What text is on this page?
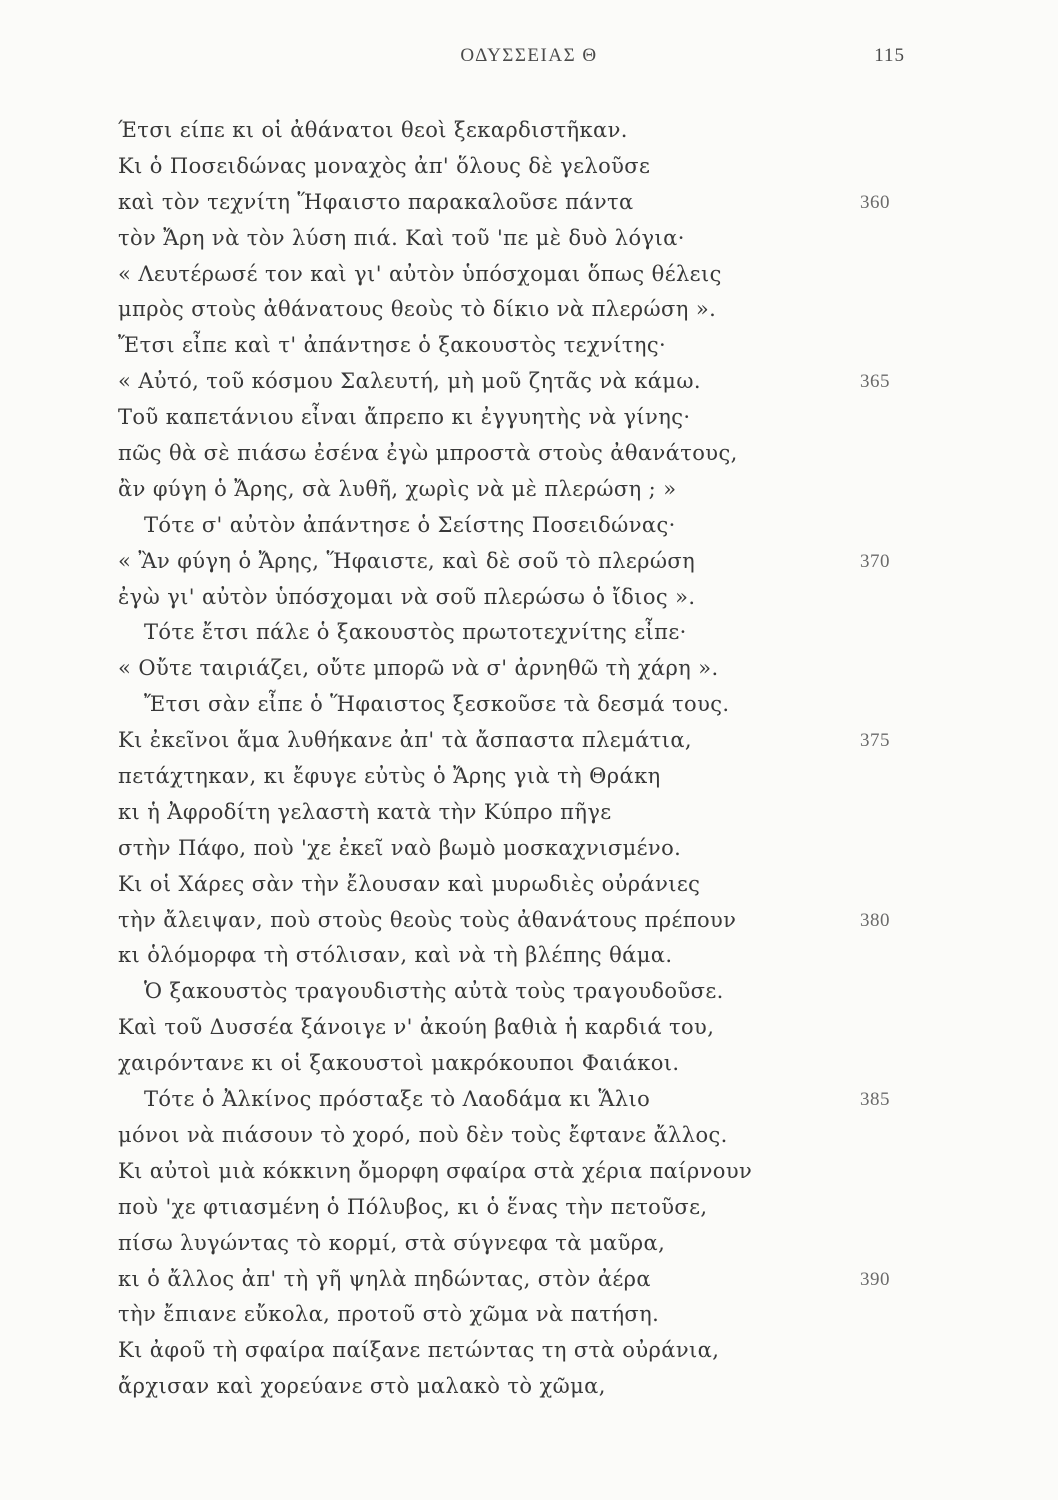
ΟΔΥΣΣΕΙΑΣ Θ	115
Έτσι είπε κι οἱ ἀθάνατοι θεοὶ ξεκαρδιστῆκαν.
Κι ὁ Ποσειδώνας μοναχὸς ἀπ' ὅλους δὲ γελοῦσε
καὶ τὸν τεχνίτη Ἥφαιστο παρακαλοῦσε πάντα	360
τὸν Ἄρη νὰ τὸν λύση πιά. Καὶ τοῦ 'πε μὲ δυὸ λόγια·
« Λευτέρωσέ τον καὶ γι' αὐτὸν ὑπόσχομαι ὅπως θέλεις
μπρὸς στοὺς ἀθάνατους θεοὺς τὸ δίκιο νὰ πλερώση ».
Ἔτσι εἶπε καὶ τ' ἀπάντησε ὁ ξακουστὸς τεχνίτης·
« Αὐτό, τοῦ κόσμου Σαλευτή, μὴ μοῦ ζητᾶς νὰ κάμω.	365
Τοῦ καπετάνιου εἶναι ἄπρεπο κι ἐγγυητὴς νὰ γίνης·
πῶς θὰ σὲ πιάσω ἐσένα ἐγὼ μπροστὰ στοὺς ἀθανάτους,
ἂν φύγη ὁ Ἄρης, σὰ λυθῆ, χωρὶς νὰ μὲ πλερώση ; »
Τότε σ' αὐτὸν ἀπάντησε ὁ Σείστης Ποσειδώνας·
« Ἂν φύγη ὁ Ἄρης, Ἥφαιστε, καὶ δὲ σοῦ τὸ πλερώση	370
ἐγὼ γι' αὐτὸν ὑπόσχομαι νὰ σοῦ πλερώσω ὁ ἴδιος ».
Τότε ἔτσι πάλε ὁ ξακουστὸς πρωτοτεχνίτης εἶπε·
« Οὔτε ταιριάζει, οὔτε μπορῶ νὰ σ' ἀρνηθῶ τὴ χάρη ».
Ἔτσι σὰν εἶπε ὁ Ἥφαιστος ξεσκοῦσε τὰ δεσμά τους.
Κι ἐκεῖνοι ἅμα λυθήκανε ἀπ' τὰ ἄσπαστα πλεμάτια,	375
πετάχτηκαν, κι ἔφυγε εὐτὺς ὁ Ἄρης γιὰ τὴ Θράκη
κι ἡ Ἀφροδίτη γελαστὴ κατὰ τὴν Κύπρο πῆγε
στὴν Πάφο, ποὺ 'χε ἐκεῖ ναὸ βωμὸ μοσκαχνισμένο.
Κι οἱ Χάρες σὰν τὴν ἔλουσαν καὶ μυρωδιὲς οὐράνιες
τὴν ἄλειψαν, ποὺ στοὺς θεοὺς τοὺς ἀθανάτους πρέπουν	380
κι ὁλόμορφα τὴ στόλισαν, καὶ νὰ τὴ βλέπης θάμα.
Ὁ ξακουστὸς τραγουδιστὴς αὐτὰ τοὺς τραγουδοῦσε.
Καὶ τοῦ Δυσσέα ξάνοιγε ν' ἀκούη βαθιὰ ἡ καρδιά του,
χαιρόντανε κι οἱ ξακουστοὶ μακρόκουποι Φαιάκοι.
Τότε ὁ Ἀλκίνος πρόσταξε τὸ Λαοδάμα κι Ἅλιο	385
μόνοι νὰ πιάσουν τὸ χορό, ποὺ δὲν τοὺς ἔφτανε ἄλλος.
Κι αὐτοὶ μιὰ κόκκινη ὄμορφη σφαίρα στὰ χέρια παίρνουν
ποὺ 'χε φτιασμένη ὁ Πόλυβος, κι ὁ ἕνας τὴν πετοῦσε,
πίσω λυγώντας τὸ κορμί, στὰ σύγνεφα τὰ μαῦρα,
κι ὁ ἄλλος ἀπ' τὴ γῆ ψηλὰ πηδώντας, στὸν ἀέρα	390
τὴν ἔπιανε εὔκολα, προτοῦ στὸ χῶμα νὰ πατήση.
Κι ἀφοῦ τὴ σφαίρα παίξανε πετώντας τη στὰ οὐράνια,
ἄρχισαν καὶ χορεύανε στὸ μαλακὸ τὸ χῶμα,
